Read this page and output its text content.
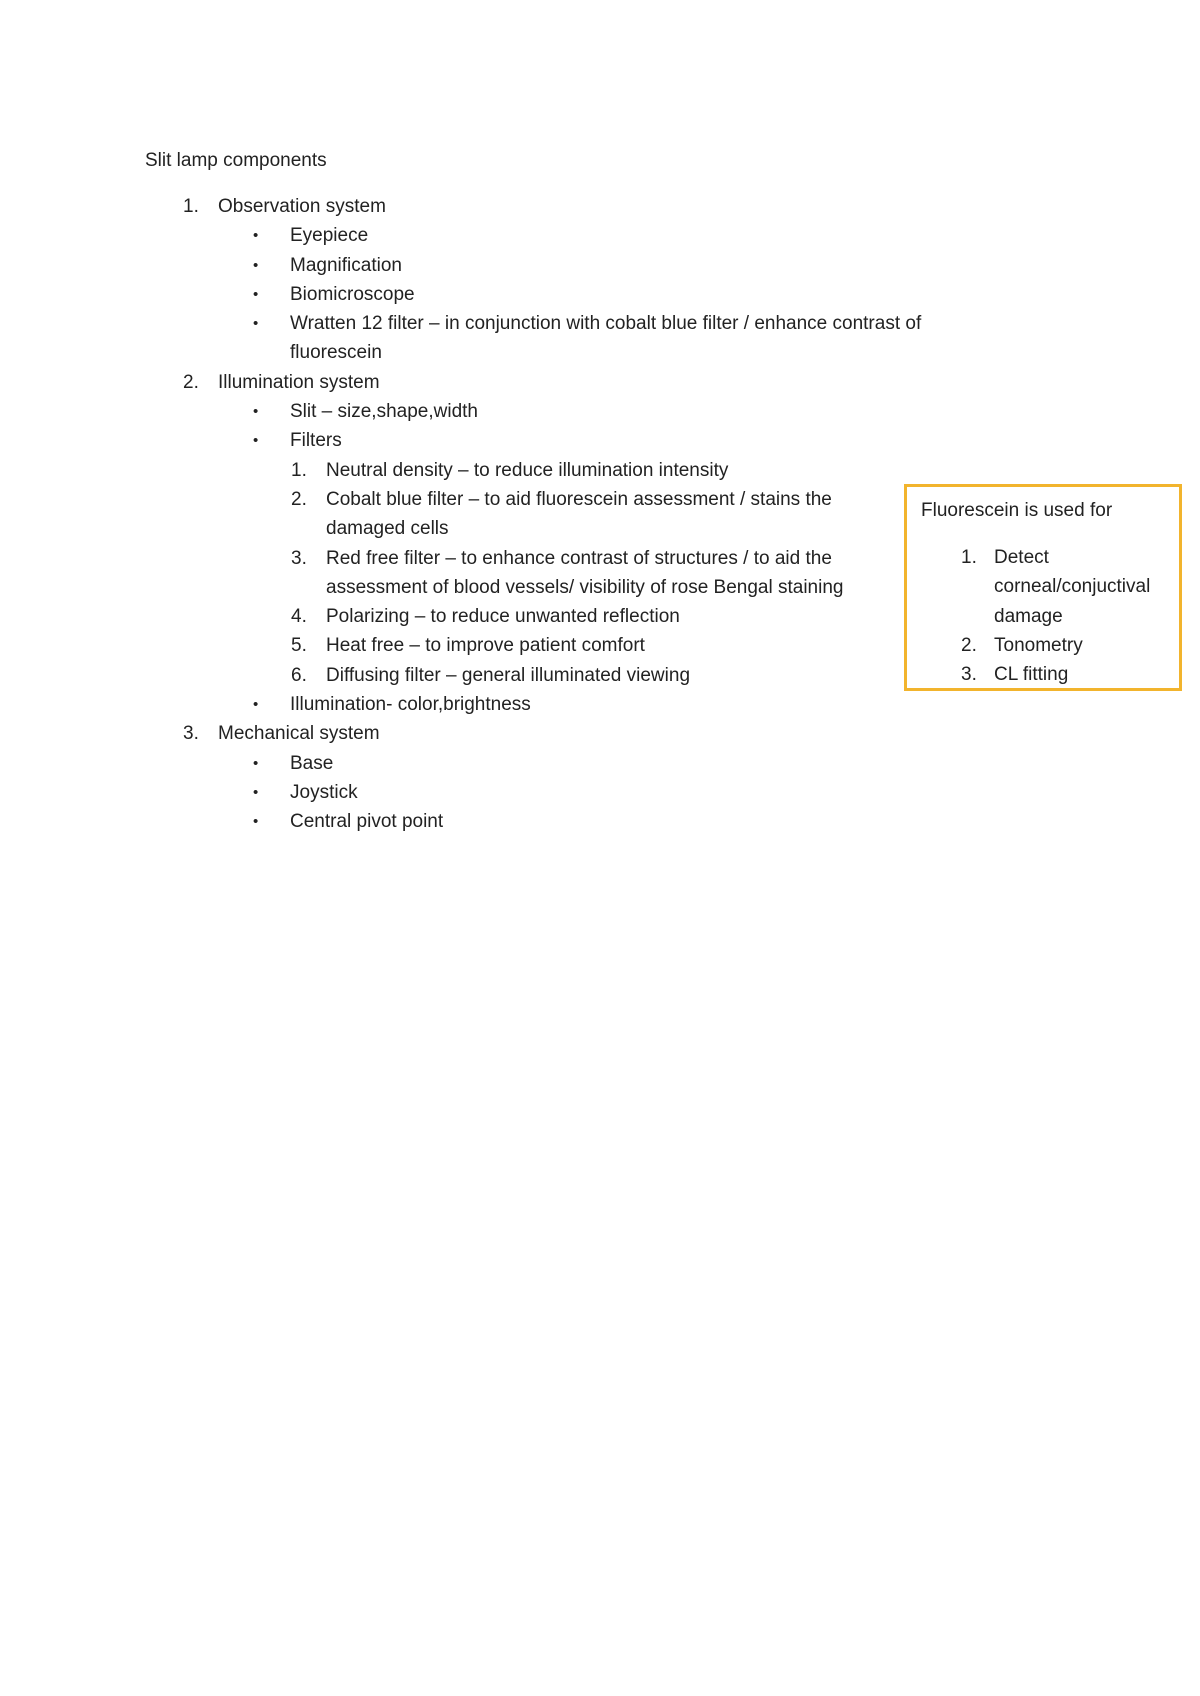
Slit lamp components
1.	Observation system
•	Eyepiece
•	Magnification
•	Biomicroscope
•	Wratten 12 filter – in conjunction with cobalt blue filter / enhance contrast of
fluorescein
2.	Illumination system
•	Slit – size,shape,width
•	Filters
1.	Neutral density – to reduce illumination intensity
2.	Cobalt blue filter – to aid fluorescein assessment / stains the
damaged cells
3.	Red free filter – to enhance contrast of structures / to aid the
assessment of blood vessels/ visibility of rose Bengal staining
4.	Polarizing – to reduce unwanted reflection
5.	Heat free – to improve patient comfort
6.	Diffusing filter – general illuminated viewing
•	Illumination- color,brightness
3.	Mechanical system
•	Base
•	Joystick
•	Central pivot point
Fluorescein is used for
1. Detect
corneal/conjuctival
damage
2. Tonometry
3. CL fitting
